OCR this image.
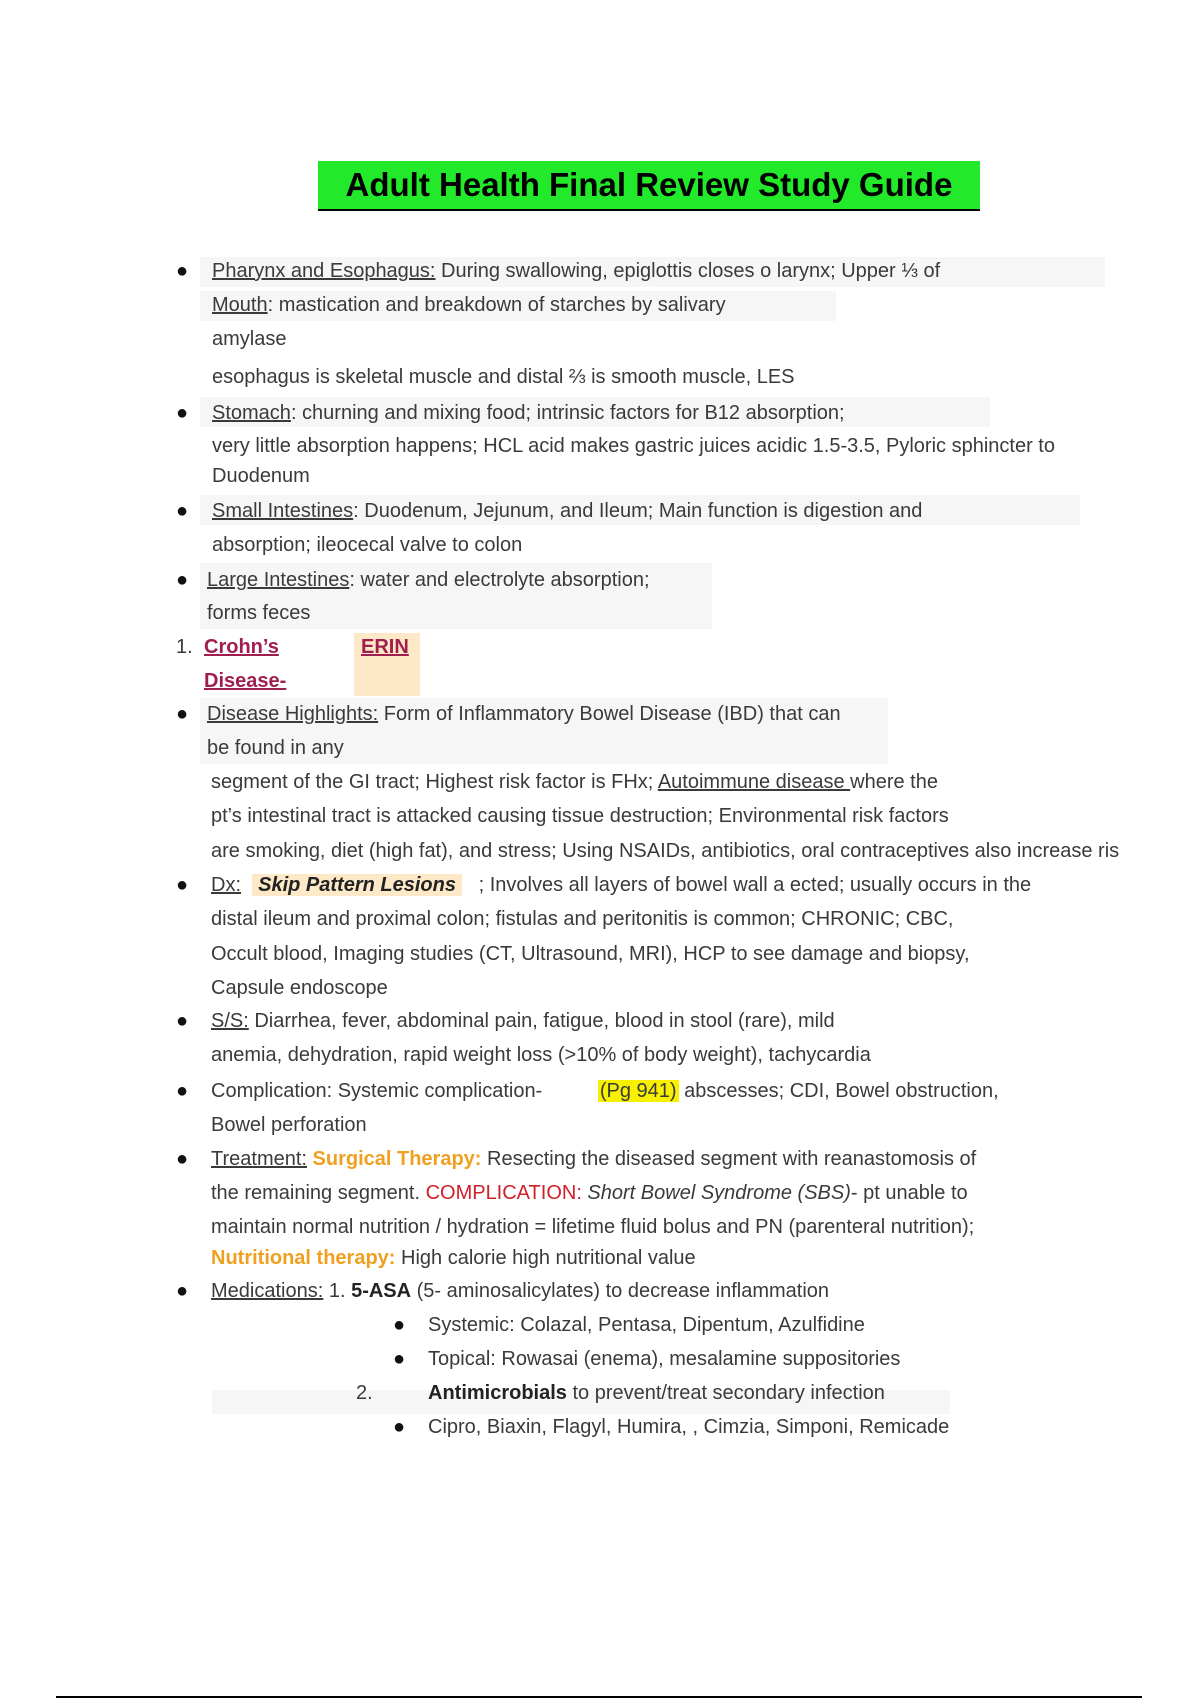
Adult Health Final Review Study Guide
● Pharynx and Esophagus: During swallowing, epiglottis closes o larynx; Upper ⅓ of
Mouth: mastication and breakdown of starches by salivary
amylase
esophagus is skeletal muscle and distal ⅔ is smooth muscle, LES
● Stomach: churning and mixing food; intrinsic factors for B12 absorption;
very little absorption happens; HCL acid makes gastric juices acidic 1.5-3.5, Pyloric sphincter to
Duodenum
● Small Intestines: Duodenum, Jejunum, and Ileum; Main function is digestion and
absorption; ileocecal valve to colon
● Large Intestines: water and electrolyte absorption;
forms feces
1. Crohn’s
Disease-
ERIN
● Disease Highlights: Form of Inflammatory Bowel Disease (IBD) that can
be found in any
segment of the GI tract; Highest risk factor is FHx; Autoimmune disease where the
pt’s intestinal tract is attacked causing tissue destruction; Environmental risk factors
are smoking, diet (high fat), and stress; Using NSAIDs, antibiotics, oral contraceptives also increase ris
● Dx: Skip Pattern Lesions ; Involves all layers of bowel wall a ected; usually occurs in the
distal ileum and proximal colon; fistulas and peritonitis is common; CHRONIC; CBC,
Occult blood, Imaging studies (CT, Ultrasound, MRI), HCP to see damage and biopsy,
Capsule endoscope
● S/S: Diarrhea, fever, abdominal pain, fatigue, blood in stool (rare), mild
anemia, dehydration, rapid weight loss (>10% of body weight), tachycardia
● Complication: Systemic complication-	(Pg 941) abscesses; CDI, Bowel obstruction,
Bowel perforation
● Treatment: Surgical Therapy: Resecting the diseased segment with reanastomosis of
the remaining segment. COMPLICATION: Short Bowel Syndrome (SBS)- pt unable to
maintain normal nutrition / hydration = lifetime fluid bolus and PN (parenteral nutrition);
Nutritional therapy: High calorie high nutritional value
● Medications: 1. 5-ASA (5- aminosalicylates) to decrease inflammation
● Systemic: Colazal, Pentasa, Dipentum, Azulfidine
● Topical: Rowasai (enema), mesalamine suppositories
2.	Antimicrobials to prevent/treat secondary infection
● Cipro, Biaxin, Flagyl, Humira, , Cimzia, Simponi, Remicade
